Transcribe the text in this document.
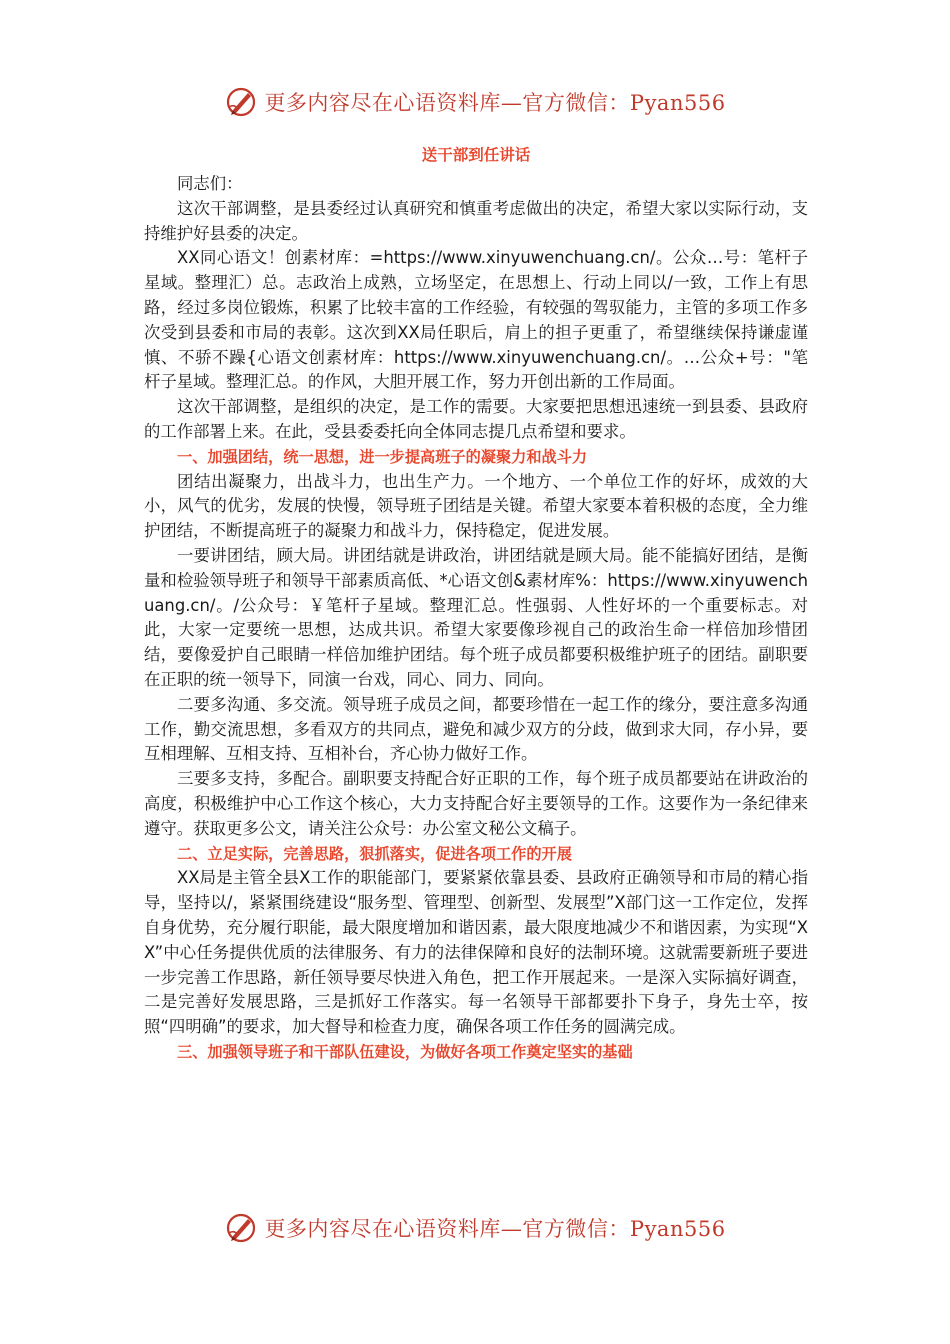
更多内容尽在心语资料库—官方微信：Pyan556
送干部到任讲话

同志们：

这次干部调整，是县委经过认真研究和慎重考虑做出的决定，希望大家以实际行动，支持维护好县委的决定。

XX同心语文！创素材库：=https://www.xinyuwenchuang.cn/。公众…号：笔杆子星域。整理汇）总。志政治上成熟，立场坚定，在思想上、行动上同以/一致，工作上有思路，经过多岗位锻炼，积累了比较丰富的工作经验，有较强的驾驭能力，主管的多项工作多次受到县委和市局的表彰。这次到XX局任职后，肩上的担子更重了，希望继续保持谦虚谨慎、不骄不躁{心语文创素材库：https://www.xinyuwenchuang.cn/。…公众+号："笔杆子星域。整理汇总。的作风，大胆开展工作，努力开创出新的工作局面。

这次干部调整，是组织的决定，是工作的需要。大家要把思想迅速统一到县委、县政府的工作部署上来。在此，受县委委托向全体同志提几点希望和要求。

一、加强团结，统一思想，进一步提高班子的凝聚力和战斗力

团结出凝聚力，出战斗力，也出生产力。一个地方、一个单位工作的好坏，成效的大小，风气的优劣，发展的快慢，领导班子团结是关键。希望大家要本着积极的态度，全力维护团结，不断提高班子的凝聚力和战斗力，保持稳定，促进发展。

一要讲团结，顾大局。讲团结就是讲政治，讲团结就是顾大局。能不能搞好团结，是衡量和检验领导班子和领导干部素质高低、*心语文创&素材库%：https://www.xinyuwenchuang.cn/。/公众号：￥笔杆子星域。整理汇总。性强弱、人性好坏的一个重要标志。对此，大家一定要统一思想，达成共识。希望大家要像珍视自己的政治生命一样倍加珍惜团结，要像爱护自己眼睛一样倍加维护团结。每个班子成员都要积极维护班子的团结。副职要在正职的统一领导下，同演一台戏，同心、同力、同向。

二要多沟通、多交流。领导班子成员之间，都要珍惜在一起工作的缘分，要注意多沟通工作，勤交流思想，多看双方的共同点，避免和减少双方的分歧，做到求大同，存小异，要互相理解、互相支持、互相补台，齐心协力做好工作。

三要多支持，多配合。副职要支持配合好正职的工作，每个班子成员都要站在讲政治的高度，积极维护中心工作这个核心，大力支持配合好主要领导的工作。这要作为一条纪律来遵守。获取更多公文，请关注公众号：办公室文秘公文稿子。

二、立足实际，完善思路，狠抓落实，促进各项工作的开展

XX局是主管全县X工作的职能部门，要紧紧依靠县委、县政府正确领导和市局的精心指导，坚持以/，紧紧围绕建设“服务型、管理型、创新型、发展型”X部门这一工作定位，发挥自身优势，充分履行职能，最大限度增加和谐因素，最大限度地减少不和谐因素，为实现“XX”中心任务提供优质的法律服务、有力的法律保障和良好的法制环境。这就需要新班子要进一步完善工作思路，新任领导要尽快进入角色，把工作开展起来。一是深入实际搞好调查，二是完善好发展思路，三是抓好工作落实。每一名领导干部都要扑下身子，身先士卒，按照“四明确”的要求，加大督导和检查力度，确保各项工作任务的圆满完成。

三、加强领导班子和干部队伍建设，为做好各项工作奠定坚实的基础

更多内容尽在心语资料库—官方微信：Pyan556
